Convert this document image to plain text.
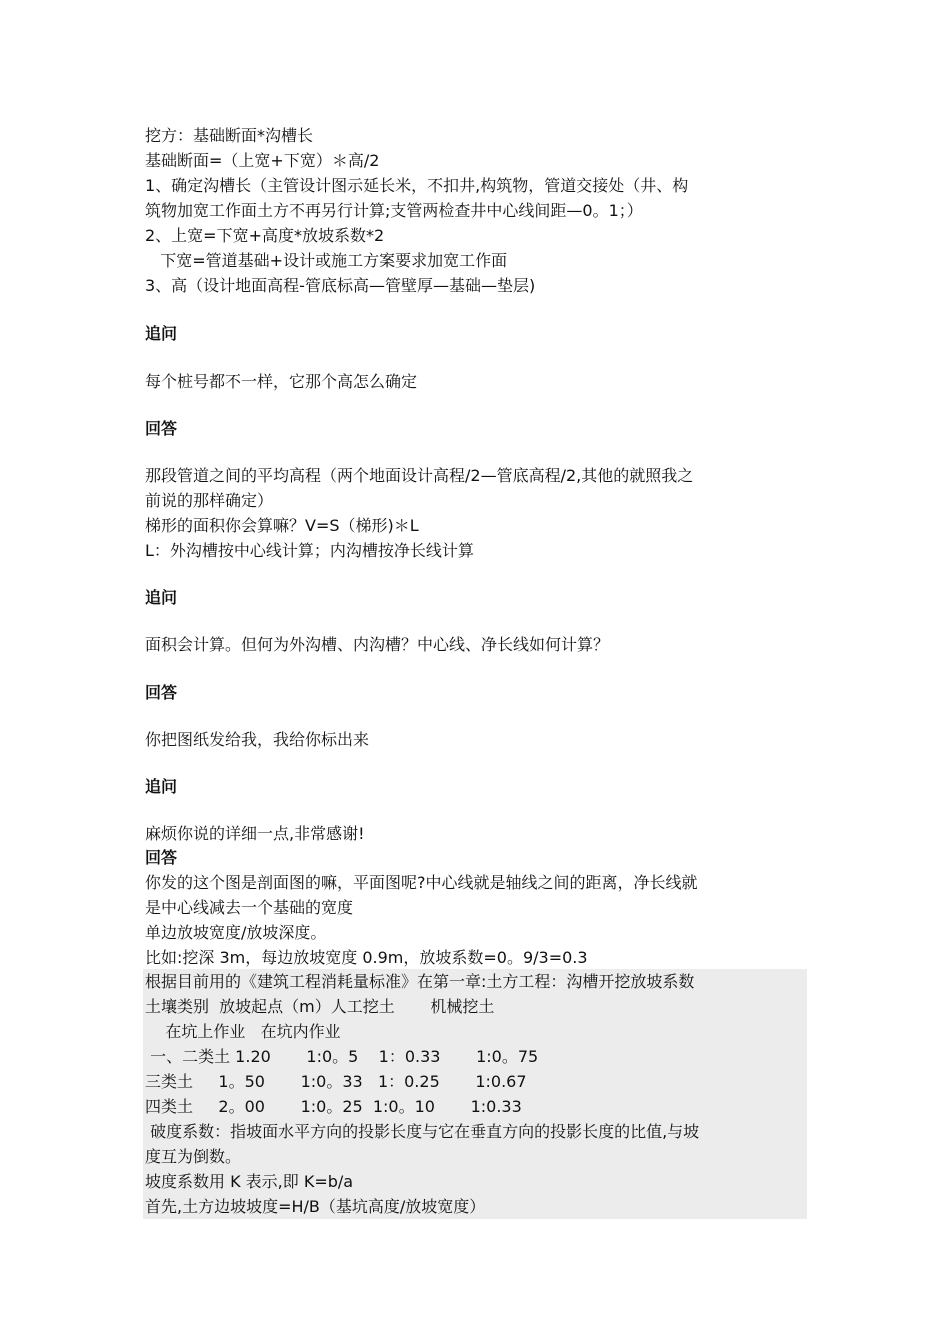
挖方：基础断面*沟槽长
基础断面=（上宽+下宽）＊高/2
1、确定沟槽长（主管设计图示延长米，不扣井,构筑物，管道交接处（井、构
筑物加宽工作面土方不再另行计算;支管两检查井中心线间距—0。1；）
2、上宽=下宽+高度*放坡系数*2
下宽=管道基础+设计或施工方案要求加宽工作面
3、高（设计地面高程-管底标高—管壁厚—基础—垫层)
追问
每个桩号都不一样，它那个高怎么确定
回答
那段管道之间的平均高程（两个地面设计高程/2—管底高程/2,其他的就照我之
前说的那样确定）
梯形的面积你会算嘛？V=S（梯形)＊L
L：外沟槽按中心线计算；内沟槽按净长线计算
追问
面积会计算。但何为外沟槽、内沟槽？中心线、净长线如何计算？
回答
你把图纸发给我，我给你标出来
追问
麻烦你说的详细一点,非常感谢!
回答
你发的这个图是剖面图的嘛，平面图呢?中心线就是轴线之间的距离，净长线就
是中心线减去一个基础的宽度
单边放坡宽度/放坡深度。
比如:挖深 3m，每边放坡宽度 0.9m，放坡系数=0。9/3=0.3
根据目前用的《建筑工程消耗量标准》在第一章:土方工程：沟槽开挖放坡系数
土壤类别  放坡起点（m）人工挖土       机械挖土
在坑上作业   在坑内作业
一、二类土 1.20       1:0。5    1：0.33       1:0。75
三类土     1。50       1:0。33   1：0.25       1:0.67
四类土     2。00       1:0。25  1:0。10       1:0.33
破度系数：指坡面水平方向的投影长度与它在垂直方向的投影长度的比值,与坡
度互为倒数。
坡度系数用 K 表示,即 K=b/a
首先,土方边坡坡度=H/B（基坑高度/放坡宽度）
